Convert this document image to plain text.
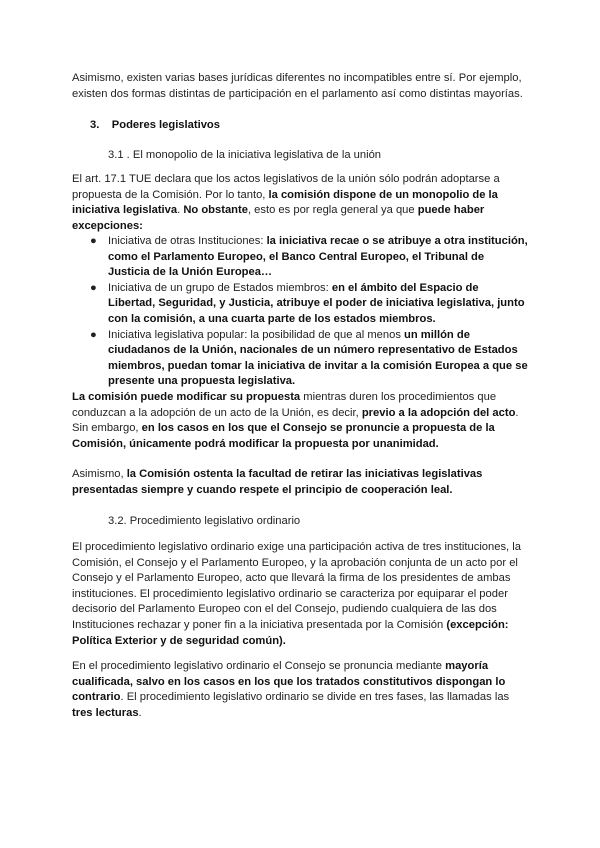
Asimismo, existen varias bases jurídicas diferentes no incompatibles entre sí. Por ejemplo, existen dos formas distintas de participación en el parlamento así como distintas mayorías.

3. Poderes legislativos

3.1 . El monopolio de la iniciativa legislativa de la unión

El art. 17.1 TUE declara que los actos legislativos de la unión sólo podrán adoptarse a propuesta de la Comisión. Por lo tanto, la comisión dispone de un monopolio de la iniciativa legislativa. No obstante, esto es por regla general ya que puede haber excepciones:

● Iniciativa de otras Instituciones: la iniciativa recae o se atribuye a otra institución, como el Parlamento Europeo, el Banco Central Europeo, el Tribunal de Justicia de la Unión Europea…
● Iniciativa de un grupo de Estados miembros: en el ámbito del Espacio de Libertad, Seguridad, y Justicia, atribuye el poder de iniciativa legislativa, junto con la comisión, a una cuarta parte de los estados miembros.
● Iniciativa legislativa popular: la posibilidad de que al menos un millón de ciudadanos de la Unión, nacionales de un número representativo de Estados miembros, puedan tomar la iniciativa de invitar a la comisión Europea a que se presente una propuesta legislativa.

La comisión puede modificar su propuesta mientras duren los procedimientos que conduzcan a la adopción de un acto de la Unión, es decir, previo a la adopción del acto. Sin embargo, en los casos en los que el Consejo se pronuncie a propuesta de la Comisión, únicamente podrá modificar la propuesta por unanimidad.

Asimismo, la Comisión ostenta la facultad de retirar las iniciativas legislativas presentadas siempre y cuando respete el principio de cooperación leal.

3.2. Procedimiento legislativo ordinario

El procedimiento legislativo ordinario exige una participación activa de tres instituciones, la Comisión, el Consejo y el Parlamento Europeo, y la aprobación conjunta de un acto por el Consejo y el Parlamento Europeo, acto que llevará la firma de los presidentes de ambas instituciones. El procedimiento legislativo ordinario se caracteriza por equiparar el poder decisorio del Parlamento Europeo con el del Consejo, pudiendo cualquiera de las dos Instituciones rechazar y poner fin a la iniciativa presentada por la Comisión (excepción: Política Exterior y de seguridad común).

En el procedimiento legislativo ordinario el Consejo se pronuncia mediante mayoría cualificada, salvo en los casos en los que los tratados constitutivos dispongan lo contrario. El procedimiento legislativo ordinario se divide en tres fases, las llamadas las tres lecturas.
